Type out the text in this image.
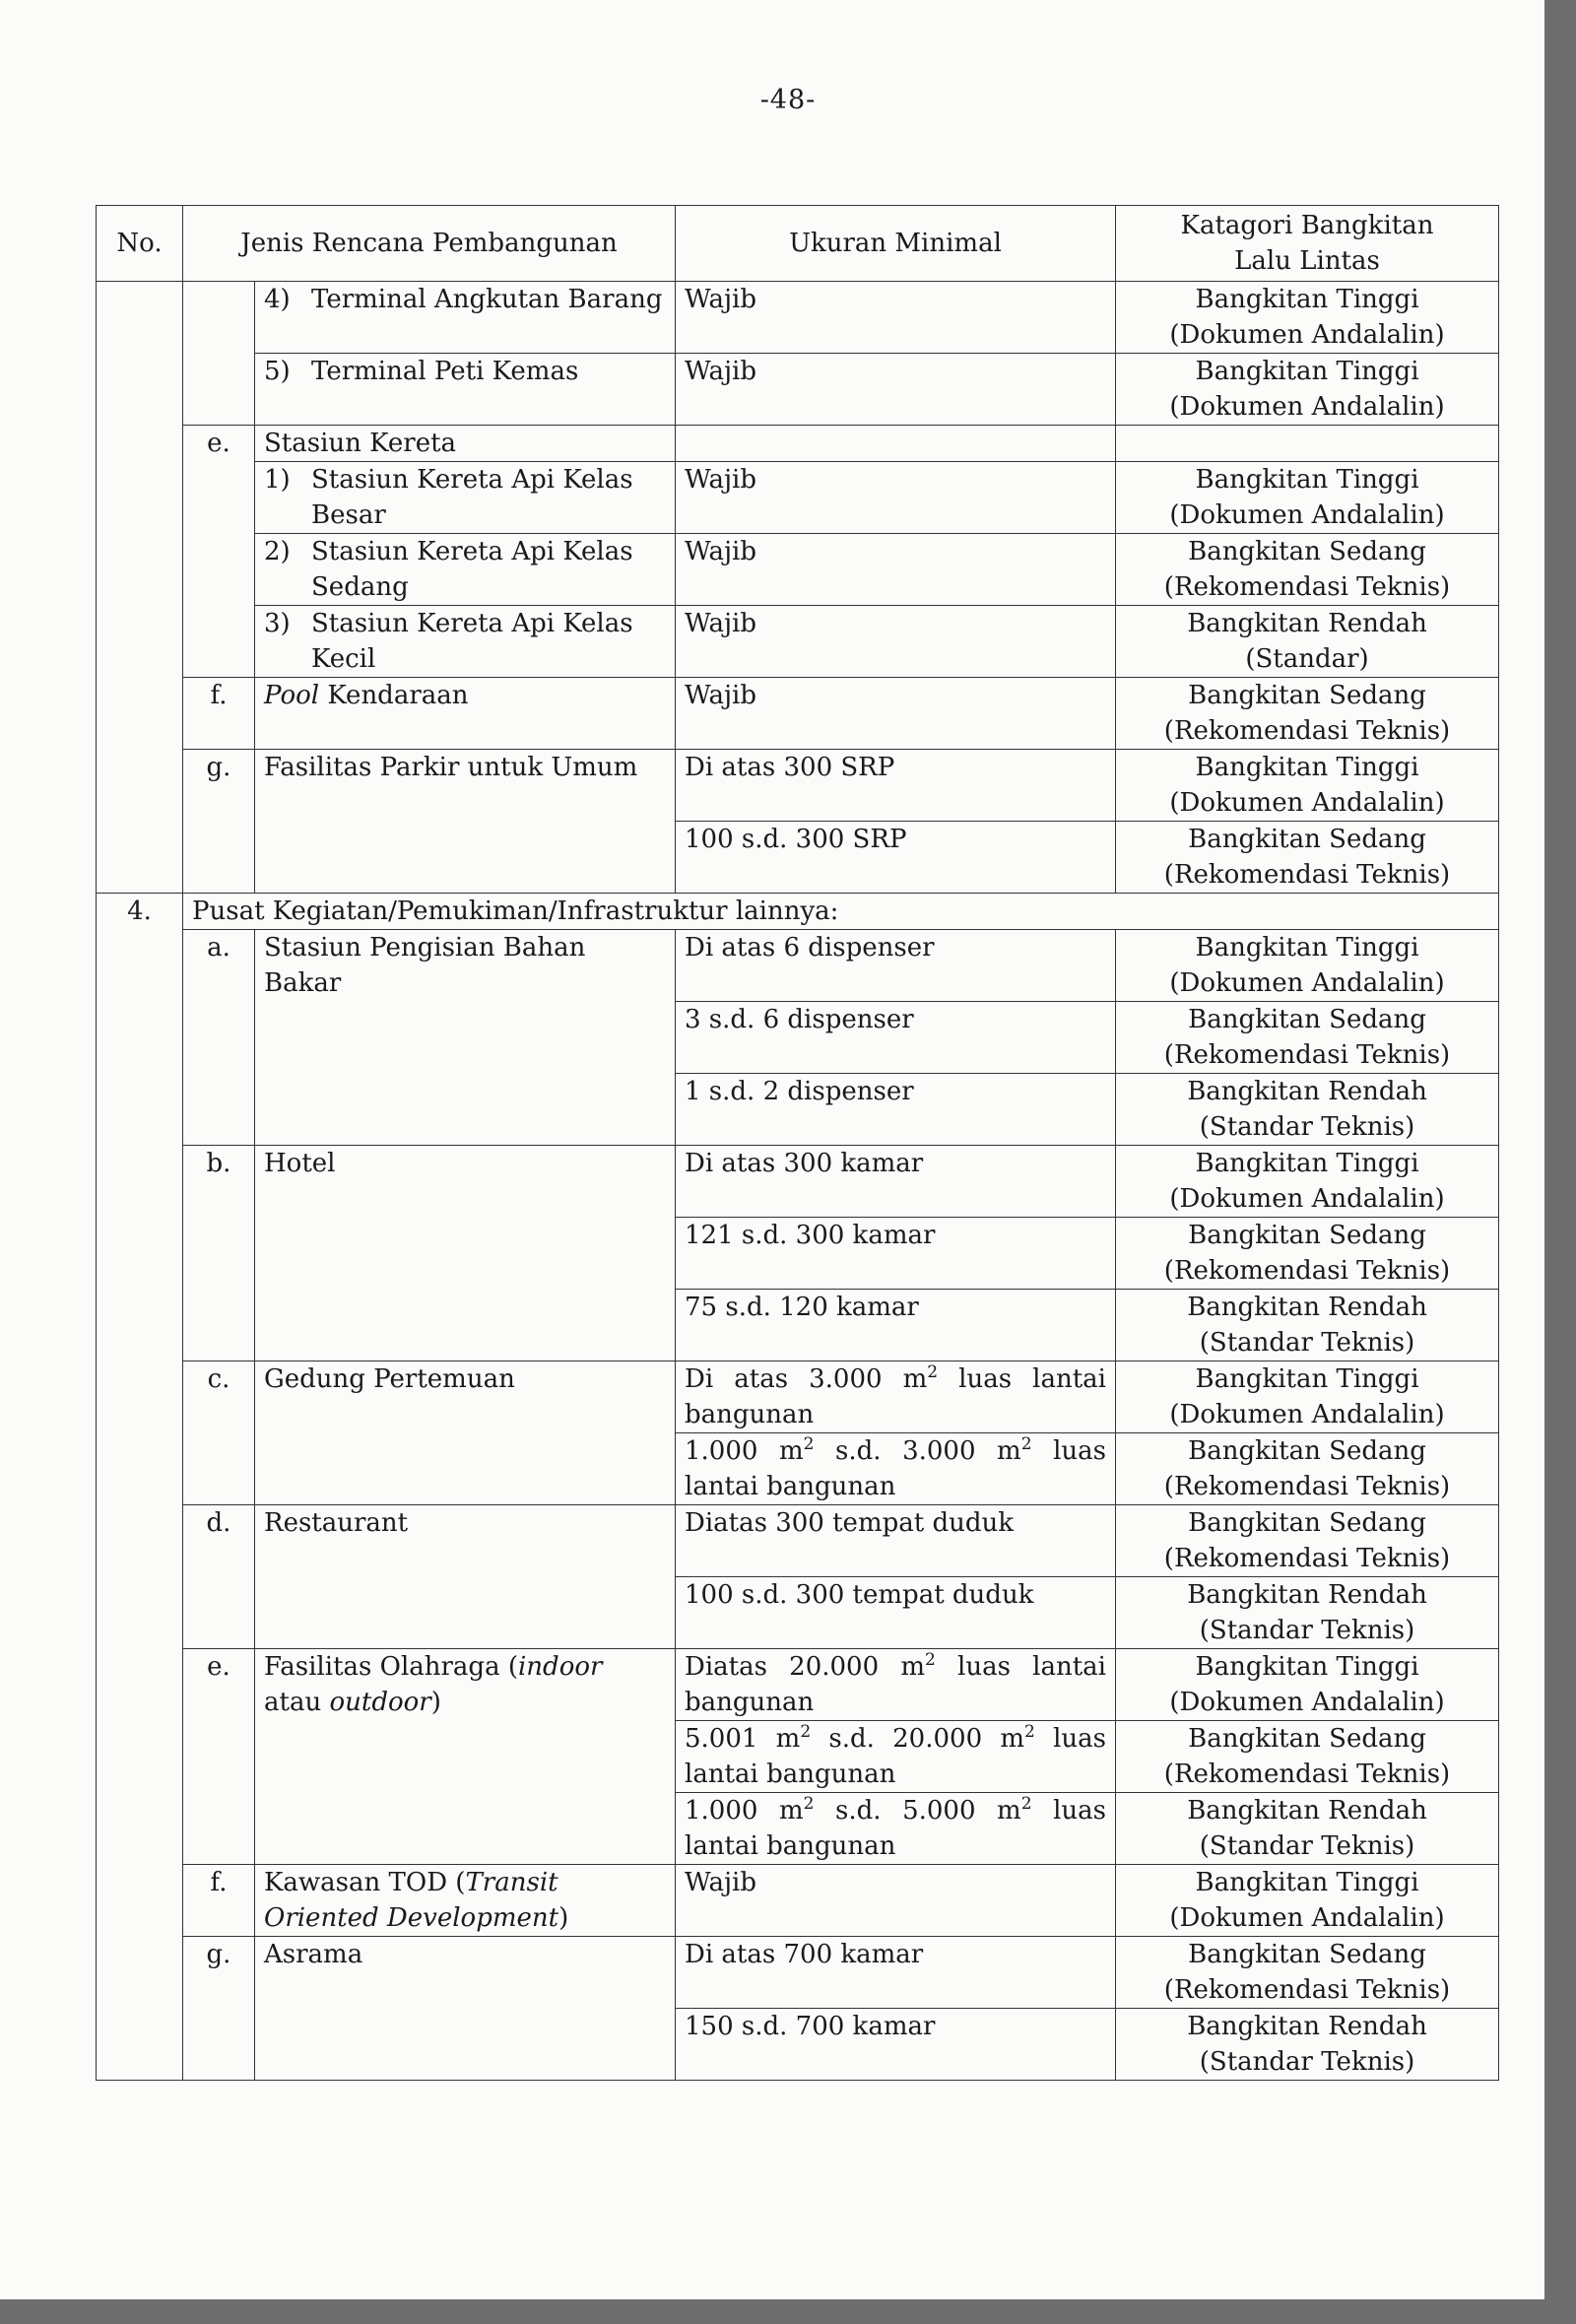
-48-
No.	Jenis Rencana Pembangunan		Ukuran Minimal	Katagori Bangkitan
Lalu Lintas

		4) Terminal Angkutan Barang	Wajib	Bangkitan Tinggi
(Dokumen Andalalin)

		5) Terminal Peti Kemas	Wajib	Bangkitan Tinggi
(Dokumen Andalalin)
	e.	Stasiun Kereta		

		1) Stasiun Kereta Api Kelas Besar	Wajib	Bangkitan Tinggi
(Dokumen Andalalin)

		2) Stasiun Kereta Api Kelas Sedang	Wajib	Bangkitan Sedang
(Rekomendasi Teknis)

		3) Stasiun Kereta Api Kelas Kecil	Wajib	Bangkitan Rendah
(Standar)
	f.	Pool Kendaraan	Wajib	Bangkitan Sedang
(Rekomendasi Teknis)
	g.	Fasilitas Parkir untuk Umum	Di atas 300 SRP	Bangkitan Tinggi
(Dokumen Andalalin)
			100 s.d. 300 SRP	Bangkitan Sedang
(Rekomendasi Teknis)

4.	Pusat Kegiatan/Pemukiman/Infrastruktur lainnya:			
	a.	Stasiun Pengisian Bahan Bakar	Di atas 6 dispenser	Bangkitan Tinggi
(Dokumen Andalalin)
			3 s.d. 6 dispenser	Bangkitan Sedang
(Rekomendasi Teknis)
			1 s.d. 2 dispenser	Bangkitan Rendah
(Standar Teknis)
	b.	Hotel	Di atas 300 kamar	Bangkitan Tinggi
(Dokumen Andalalin)
			121 s.d. 300 kamar	Bangkitan Sedang
(Rekomendasi Teknis)
			75 s.d. 120 kamar	Bangkitan Rendah
(Standar Teknis)
	c.	Gedung Pertemuan	Di atas 3.000 $m^2$ luas lantai bangunan	Bangkitan Tinggi
(Dokumen Andalalin)
			1.000 $m^2$ s.d. 3.000 $m^2$ luas lantai bangunan	Bangkitan Sedang
(Rekomendasi Teknis)
	d.	Restaurant	Diatas 300 tempat duduk	Bangkitan Sedang
(Rekomendasi Teknis)
			100 s.d. 300 tempat duduk	Bangkitan Rendah
(Standar Teknis)
	e.	Fasilitas Olahraga (indoor atau outdoor)	Diatas 20.000 $m^2$ luas lantai bangunan	Bangkitan Tinggi
(Dokumen Andalalin)
			5.001 $m^2$ s.d. 20.000 $m^2$ luas lantai bangunan	Bangkitan Sedang
(Rekomendasi Teknis)
			1.000 $m^2$ s.d. 5.000 $m^2$ luas lantai bangunan	Bangkitan Rendah
(Standar Teknis)
	f.	Kawasan TOD (Transit Oriented Development)	Wajib	Bangkitan Tinggi
(Dokumen Andalalin)
	g.	Asrama	Di atas 700 kamar	Bangkitan Sedang
(Rekomendasi Teknis)
			150 s.d. 700 kamar	Bangkitan Rendah
(Standar Teknis)
